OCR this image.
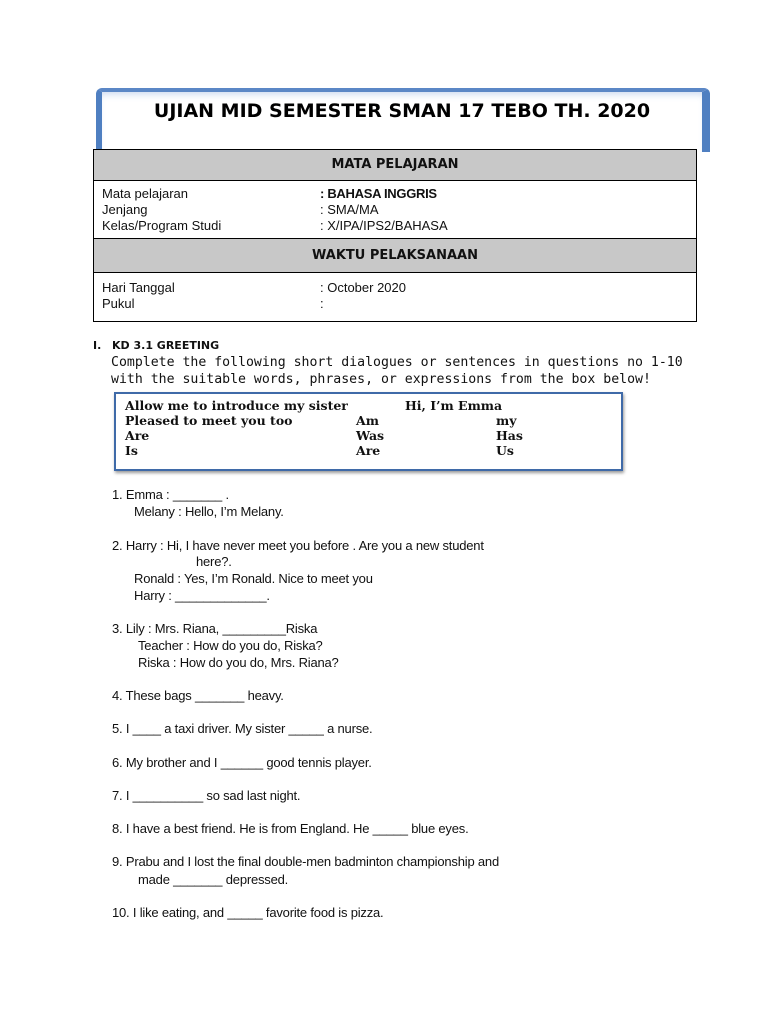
UJIAN MID SEMESTER SMAN 17 TEBO TH. 2020
MATA PELAJARAN
Mata pelajaran	: BAHASA INGGRIS
Jenjang	: SMA/MA
Kelas/Program Studi	: X/IPA/IPS2/BAHASA
WAKTU PELAKSANAAN
Hari Tanggal	: October 2020
Pukul	:
I. KD 3.1 GREETING
Complete the following short dialogues or sentences in questions no 1-10
with the suitable words, phrases, or expressions from the box below!
Allow me to introduce my sister	Hi, I’m Emma
Pleased to meet you too	Am	my
Are	Was	Has
Is	Are	Us
1. Emma : _______ .
Melany : Hello, I’m Melany.
2. Harry : Hi, I have never meet you before . Are you a new student
here?.
Ronald : Yes, I’m Ronald. Nice to meet you
Harry : _____________.
3. Lily : Mrs. Riana, _________Riska
Teacher : How do you do, Riska?
Riska : How do you do, Mrs. Riana?
4. These bags _______ heavy.
5. I ____ a taxi driver. My sister _____ a nurse.
6. My brother and I ______ good tennis player.
7. I __________ so sad last night.
8. I have a best friend. He is from England. He _____ blue eyes.
9. Prabu and I lost the final double-men badminton championship and
made _______ depressed.
10. I like eating, and _____ favorite food is pizza.
